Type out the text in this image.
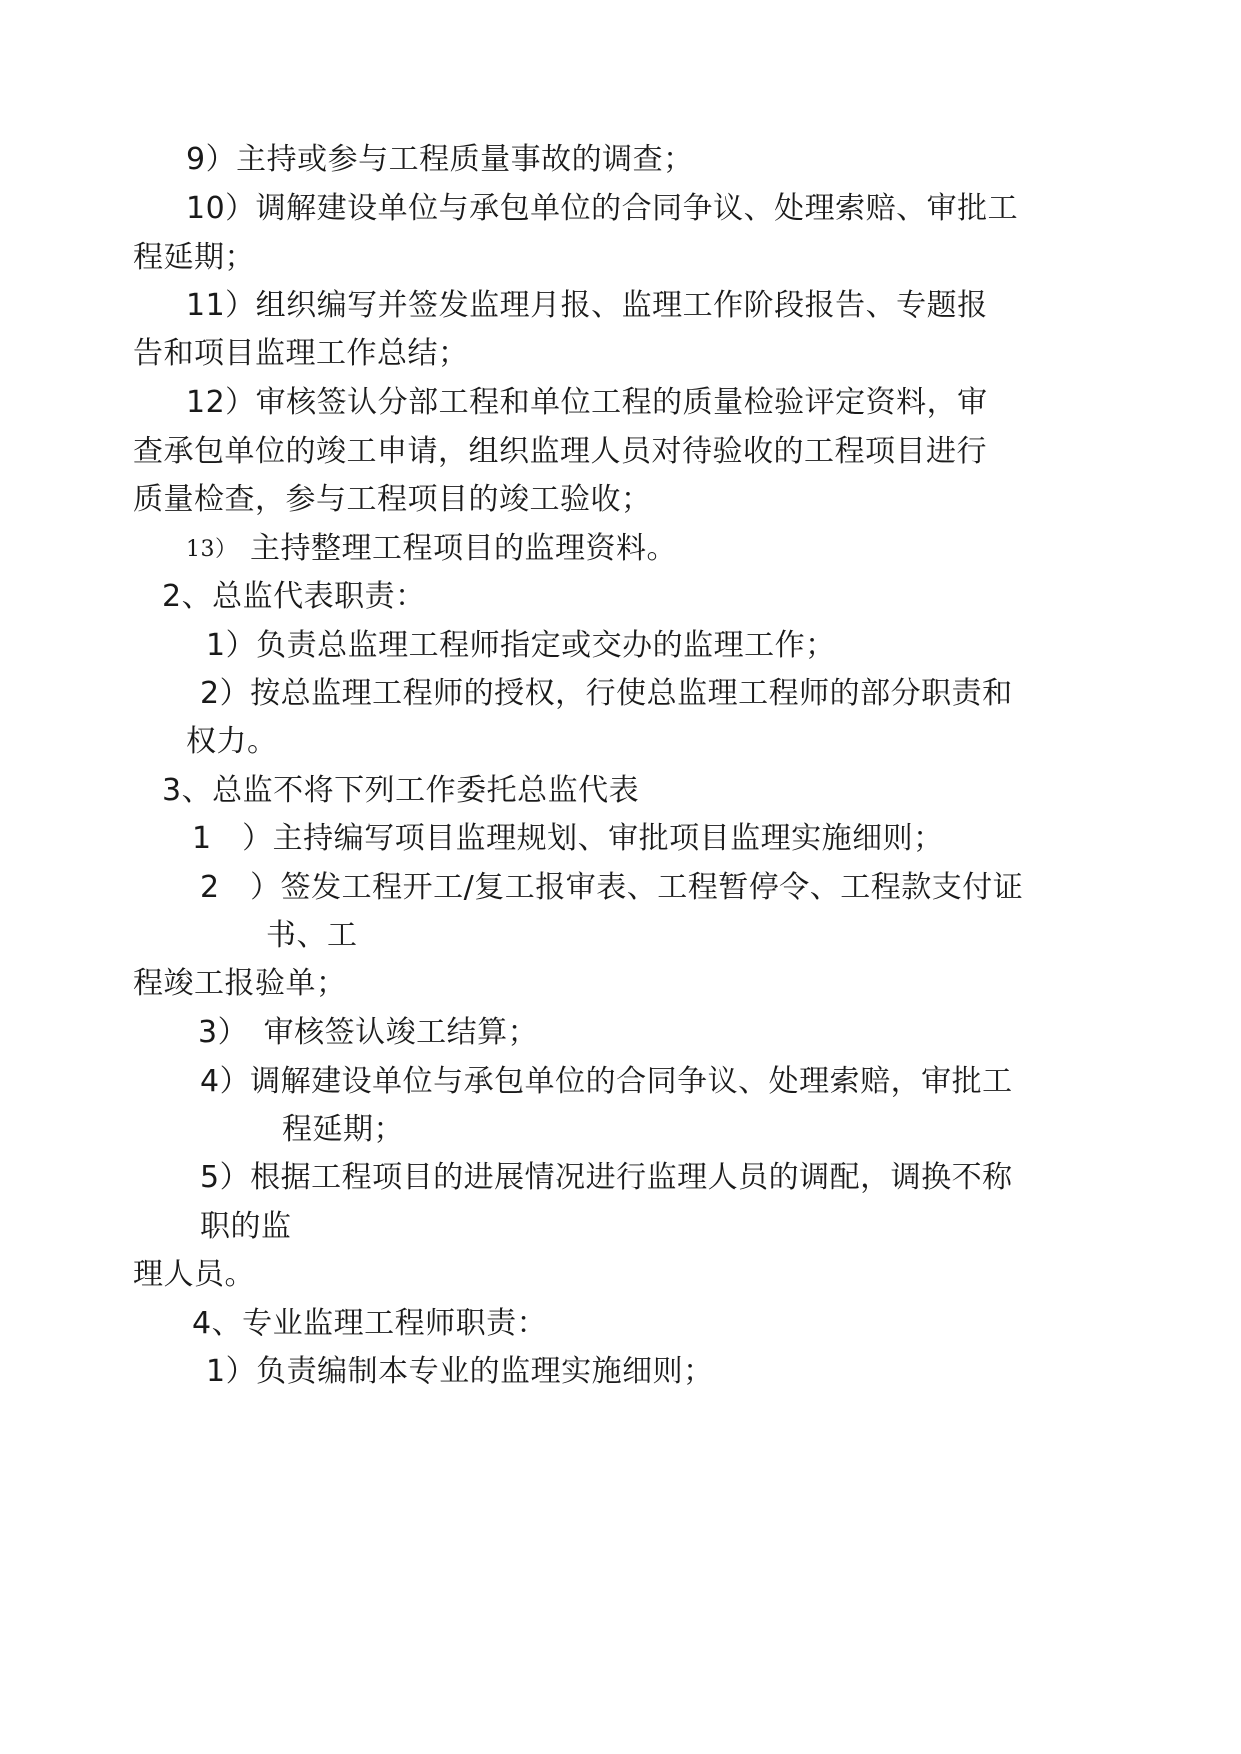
9）主持或参与工程质量事故的调查；
10）调解建设单位与承包单位的合同争议、处理索赔、审批工
程延期；
11）组织编写并签发监理月报、监理工作阶段报告、专题报
告和项目监理工作总结；
12）审核签认分部工程和单位工程的质量检验评定资料，审
查承包单位的竣工申请，组织监理人员对待验收的工程项目进行
质量检查，参与工程项目的竣工验收；
13） 主持整理工程项目的监理资料。
2、总监代表职责：
1）负责总监理工程师指定或交办的监理工作；
2）按总监理工程师的授权，行使总监理工程师的部分职责和
权力。
3、总监不将下列工作委托总监代表
1　）主持编写项目监理规划、审批项目监理实施细则；
2　）签发工程开工/复工报审表、工程暂停令、工程款支付证
书、工
程竣工报验单；
3）　审核签认竣工结算；
4）调解建设单位与承包单位的合同争议、处理索赔，审批工
程延期；
5）根据工程项目的进展情况进行监理人员的调配，调换不称
职的监
理人员。
4、专业监理工程师职责：
1）负责编制本专业的监理实施细则；
